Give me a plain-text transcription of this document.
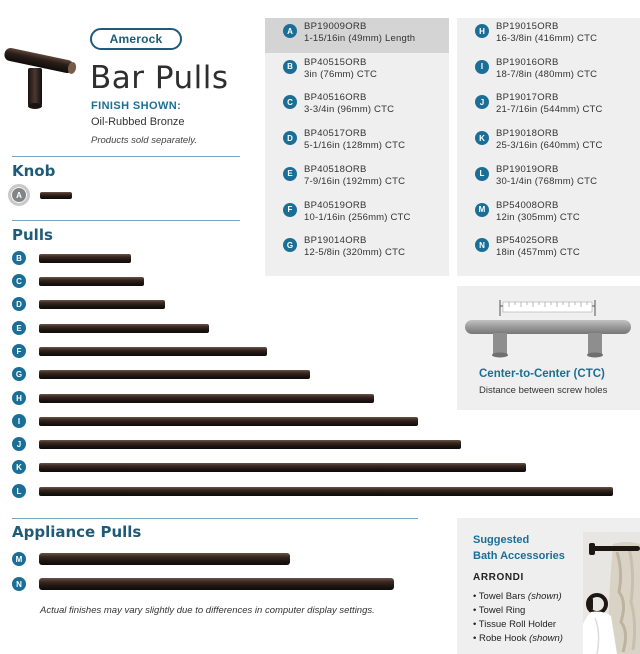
Amerock
Bar Pulls
FINISH SHOWN:
Oil-Rubbed Bronze
Products sold separately.
Knob
A
Pulls
B
C
D
E
F
G
H
I
J
K
L
Appliance Pulls
M
N
Actual finishes may vary slightly due to differences in computer display settings.
A	BP19009ORB
1-15/16in (49mm) Length
B	BP40515ORB
3in (76mm) CTC
C	BP40516ORB
3-3/4in (96mm) CTC
D	BP40517ORB
5-1/16in (128mm) CTC
E	BP40518ORB
7-9/16in (192mm) CTC
F	BP40519ORB
10-1/16in (256mm) CTC
G	BP19014ORB
12-5/8in (320mm) CTC
H	BP19015ORB
16-3/8in (416mm) CTC
I	BP19016ORB
18-7/8in (480mm) CTC
J	BP19017ORB
21-7/16in (544mm) CTC
K	BP19018ORB
25-3/16in (640mm) CTC
L	BP19019ORB
30-1/4in (768mm) CTC
M	BP54008ORB
12in (305mm) CTC
N	BP54025ORB
18in (457mm) CTC
Center-to-Center (CTC)
Distance between screw holes
Suggested
Bath Accessories
ARRONDI
• Towel Bars (shown)
• Towel Ring
• Tissue Roll Holder
• Robe Hook (shown)
